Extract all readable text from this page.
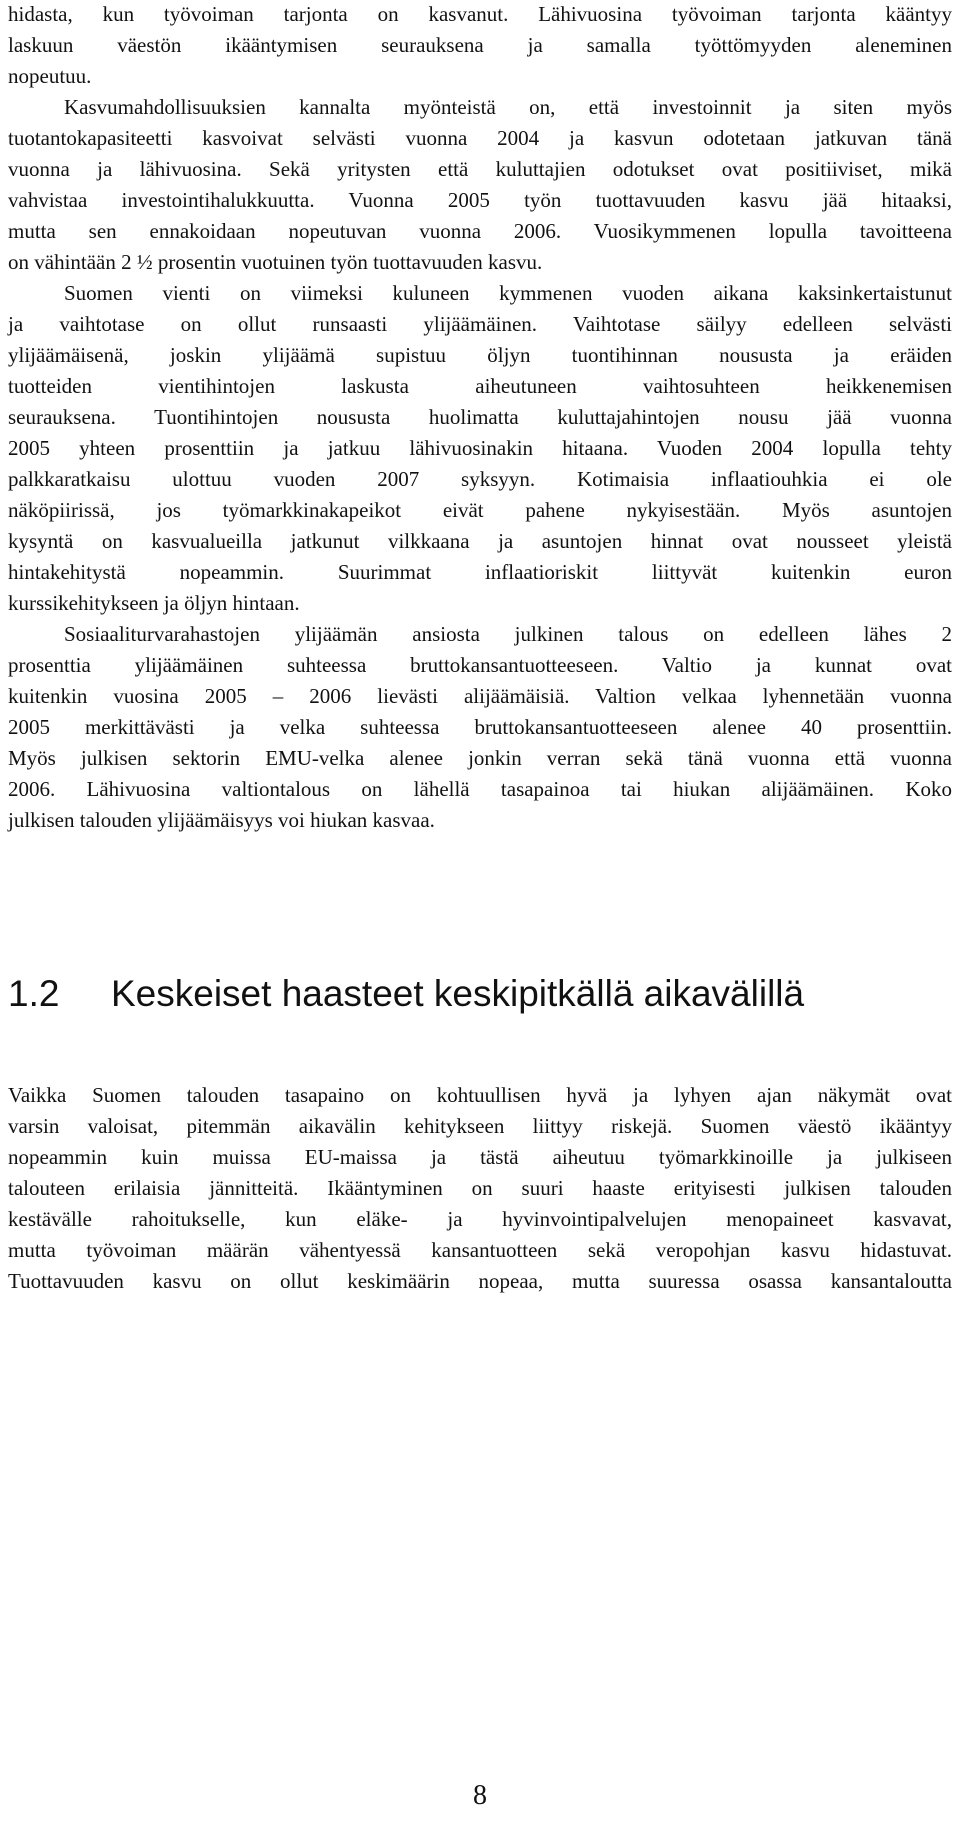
hidasta, kun työvoiman tarjonta on kasvanut. Lähivuosina työvoiman tarjonta kääntyy
laskuun väestön ikääntymisen seurauksena ja samalla työttömyyden aleneminen
nopeutuu.
Kasvumahdollisuuksien kannalta myönteistä on, että investoinnit ja siten myös
tuotantokapasiteetti kasvoivat selvästi vuonna 2004 ja kasvun odotetaan jatkuvan tänä
vuonna ja lähivuosina. Sekä yritysten että kuluttajien odotukset ovat positiiviset, mikä
vahvistaa investointihalukkuutta. Vuonna 2005 työn tuottavuuden kasvu jää hitaaksi,
mutta sen ennakoidaan nopeutuvan vuonna 2006. Vuosikymmenen lopulla tavoitteena
on vähintään 2 ½ prosentin vuotuinen työn tuottavuuden kasvu.
Suomen vienti on viimeksi kuluneen kymmenen vuoden aikana kaksinkertaistunut
ja vaihtotase on ollut runsaasti ylijäämäinen. Vaihtotase säilyy edelleen selvästi
ylijäämäisenä, joskin ylijäämä supistuu öljyn tuontihinnan noususta ja eräiden
tuotteiden vientihintojen laskusta aiheutuneen vaihtosuhteen heikkenemisen
seurauksena. Tuontihintojen noususta huolimatta kuluttajahintojen nousu jää vuonna
2005 yhteen prosenttiin ja jatkuu lähivuosinakin hitaana. Vuoden 2004 lopulla tehty
palkkaratkaisu ulottuu vuoden 2007 syksyyn. Kotimaisia inflaatiouhkia ei ole
näköpiirissä, jos työmarkkinakapeikot eivät pahene nykyisestään. Myös asuntojen
kysyntä on kasvualueilla jatkunut vilkkaana ja asuntojen hinnat ovat nousseet yleistä
hintakehitystä nopeammin. Suurimmat inflaatioriskit liittyvät kuitenkin euron
kurssikehitykseen ja öljyn hintaan.
Sosiaaliturvarahastojen ylijäämän ansiosta julkinen talous on edelleen lähes 2
prosenttia ylijäämäinen suhteessa bruttokansantuotteeseen. Valtio ja kunnat ovat
kuitenkin vuosina 2005 – 2006 lievästi alijäämäisiä. Valtion velkaa lyhennetään vuonna
2005 merkittävästi ja velka suhteessa bruttokansantuotteeseen alenee 40 prosenttiin.
Myös julkisen sektorin EMU-velka alenee jonkin verran sekä tänä vuonna että vuonna
2006. Lähivuosina valtiontalous on lähellä tasapainoa tai hiukan alijäämäinen. Koko
julkisen talouden ylijäämäisyys voi hiukan kasvaa.
1.2 Keskeiset haasteet keskipitkällä aikavälillä
Vaikka Suomen talouden tasapaino on kohtuullisen hyvä ja lyhyen ajan näkymät ovat
varsin valoisat, pitemmän aikavälin kehitykseen liittyy riskejä. Suomen väestö ikääntyy
nopeammin kuin muissa EU-maissa ja tästä aiheutuu työmarkkinoille ja julkiseen
talouteen erilaisia jännitteitä. Ikääntyminen on suuri haaste erityisesti julkisen talouden
kestävälle rahoitukselle, kun eläke- ja hyvinvointipalvelujen menopaineet kasvavat,
mutta työvoiman määrän vähentyessä kansantuotteen sekä veropohjan kasvu hidastuvat.
Tuottavuuden kasvu on ollut keskimäärin nopeaa, mutta suuressa osassa kansantaloutta
8
